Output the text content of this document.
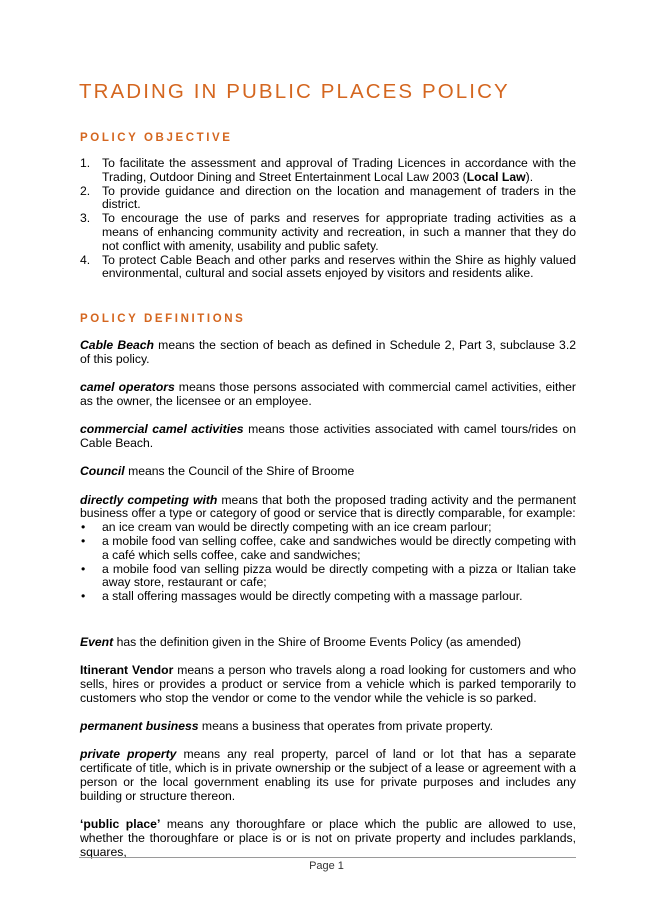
TRADING IN PUBLIC PLACES POLICY
POLICY OBJECTIVE
1. To facilitate the assessment and approval of Trading Licences in accordance with the Trading, Outdoor Dining and Street Entertainment Local Law 2003 (Local Law).
2. To provide guidance and direction on the location and management of traders in the district.
3. To encourage the use of parks and reserves for appropriate trading activities as a means of enhancing community activity and recreation, in such a manner that they do not conflict with amenity, usability and public safety.
4. To protect Cable Beach and other parks and reserves within the Shire as highly valued environmental, cultural and social assets enjoyed by visitors and residents alike.
POLICY DEFINITIONS

Cable Beach means the section of beach as defined in Schedule 2, Part 3, subclause 3.2 of this policy.

camel operators means those persons associated with commercial camel activities, either as the owner, the licensee or an employee.

commercial camel activities means those activities associated with camel tours/rides on Cable Beach.

Council means the Council of the Shire of Broome

directly competing with means that both the proposed trading activity and the permanent business offer a type or category of good or service that is directly comparable, for example:

• an ice cream van would be directly competing with an ice cream parlour;
• a mobile food van selling coffee, cake and sandwiches would be directly competing with a café which sells coffee, cake and sandwiches;
• a mobile food van selling pizza would be directly competing with a pizza or Italian take away store, restaurant or cafe;
• a stall offering massages would be directly competing with a massage parlour.

Event has the definition given in the Shire of Broome Events Policy (as amended)

Itinerant Vendor means a person who travels along a road looking for customers and who sells, hires or provides a product or service from a vehicle which is parked temporarily to customers who stop the vendor or come to the vendor while the vehicle is so parked.

permanent business means a business that operates from private property.

private property means any real property, parcel of land or lot that has a separate certificate of title, which is in private ownership or the subject of a lease or agreement with a person or the local government enabling its use for private purposes and includes any building or structure thereon.

‘public place’ means any thoroughfare or place which the public are allowed to use, whether the thoroughfare or place is or is not on private property and includes parklands, squares,

Page 1
